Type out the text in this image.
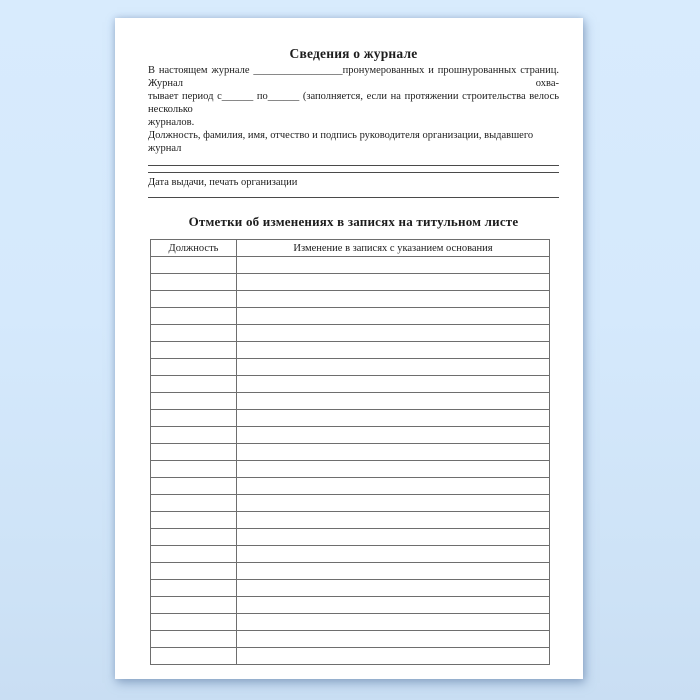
Сведения о журнале
В настоящем журнале _________________пронумерованных и прошнурованных страниц. Журнал охва-
тывает период с______ по______ (заполняется, если на протяжении строительства велось несколько
журналов.
Должность, фамилия, имя, отчество и подпись руководителя организации, выдавшего журнал
Дата выдачи, печать организации
Отметки об изменениях в записях на титульном листе
Должность	Изменение в записях с указанием основания
